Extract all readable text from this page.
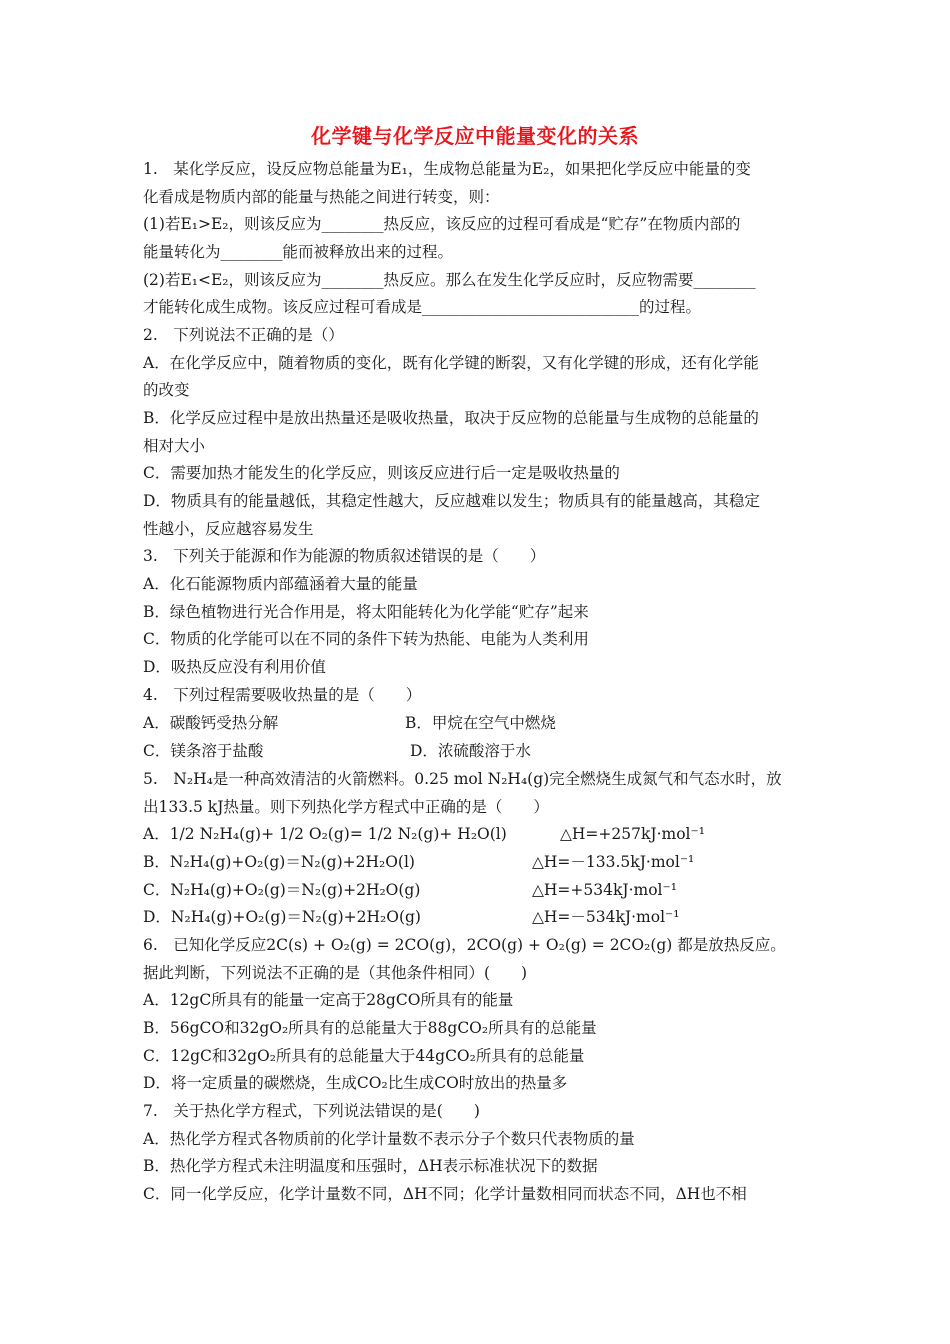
化学键与化学反应中能量变化的关系
1.　某化学反应，设反应物总能量为E₁，生成物总能量为E₂，如果把化学反应中能量的变
化看成是物质内部的能量与热能之间进行转变，则：
(1)若E₁>E₂，则该反应为________热反应，该反应的过程可看成是“贮存”在物质内部的
能量转化为________能而被释放出来的过程。
(2)若E₁<E₂，则该反应为________热反应。那么在发生化学反应时，反应物需要________
才能转化成生成物。该反应过程可看成是____________________________的过程。
2.　下列说法不正确的是（）
A．在化学反应中，随着物质的变化，既有化学键的断裂，又有化学键的形成，还有化学能
的改变
B．化学反应过程中是放出热量还是吸收热量，取决于反应物的总能量与生成物的总能量的
相对大小
C．需要加热才能发生的化学反应，则该反应进行后一定是吸收热量的
D．物质具有的能量越低，其稳定性越大，反应越难以发生；物质具有的能量越高，其稳定
性越小，反应越容易发生
3.　下列关于能源和作为能源的物质叙述错误的是（　　）
A．化石能源物质内部蕴涵着大量的能量
B．绿色植物进行光合作用是，将太阳能转化为化学能“贮存”起来
C．物质的化学能可以在不同的条件下转为热能、电能为人类利用
D．吸热反应没有利用价值
4.　下列过程需要吸收热量的是（　　）
A．碳酸钙受热分解	B．甲烷在空气中燃烧
C．镁条溶于盐酸	D．浓硫酸溶于水
5.　N₂H₄是一种高效清洁的火箭燃料。0.25 mol N₂H₄(g)完全燃烧生成氮气和气态水时，放
出133.5 kJ热量。则下列热化学方程式中正确的是（　　）
A．1/2 N₂H₄(g)+ 1/2 O₂(g)= 1/2 N₂(g)+ H₂O(l)	△H=+257kJ·mol⁻¹
B．N₂H₄(g)+O₂(g)＝N₂(g)+2H₂O(l)	△H=－133.5kJ·mol⁻¹
C．N₂H₄(g)+O₂(g)＝N₂(g)+2H₂O(g)	△H=+534kJ·mol⁻¹
D．N₂H₄(g)+O₂(g)＝N₂(g)+2H₂O(g)	△H=－534kJ·mol⁻¹
6.　已知化学反应2C(s) + O₂(g) = 2CO(g)，2CO(g) + O₂(g) = 2CO₂(g) 都是放热反应。
据此判断，下列说法不正确的是（其他条件相同）(　　)
A．12gC所具有的能量一定高于28gCO所具有的能量
B．56gCO和32gO₂所具有的总能量大于88gCO₂所具有的总能量
C．12gC和32gO₂所具有的总能量大于44gCO₂所具有的总能量
D．将一定质量的碳燃烧，生成CO₂比生成CO时放出的热量多
7.　关于热化学方程式，下列说法错误的是(　　)
A．热化学方程式各物质前的化学计量数不表示分子个数只代表物质的量
B．热化学方程式未注明温度和压强时，ΔH表示标准状况下的数据
C．同一化学反应，化学计量数不同，ΔH不同；化学计量数相同而状态不同，ΔH也不相
